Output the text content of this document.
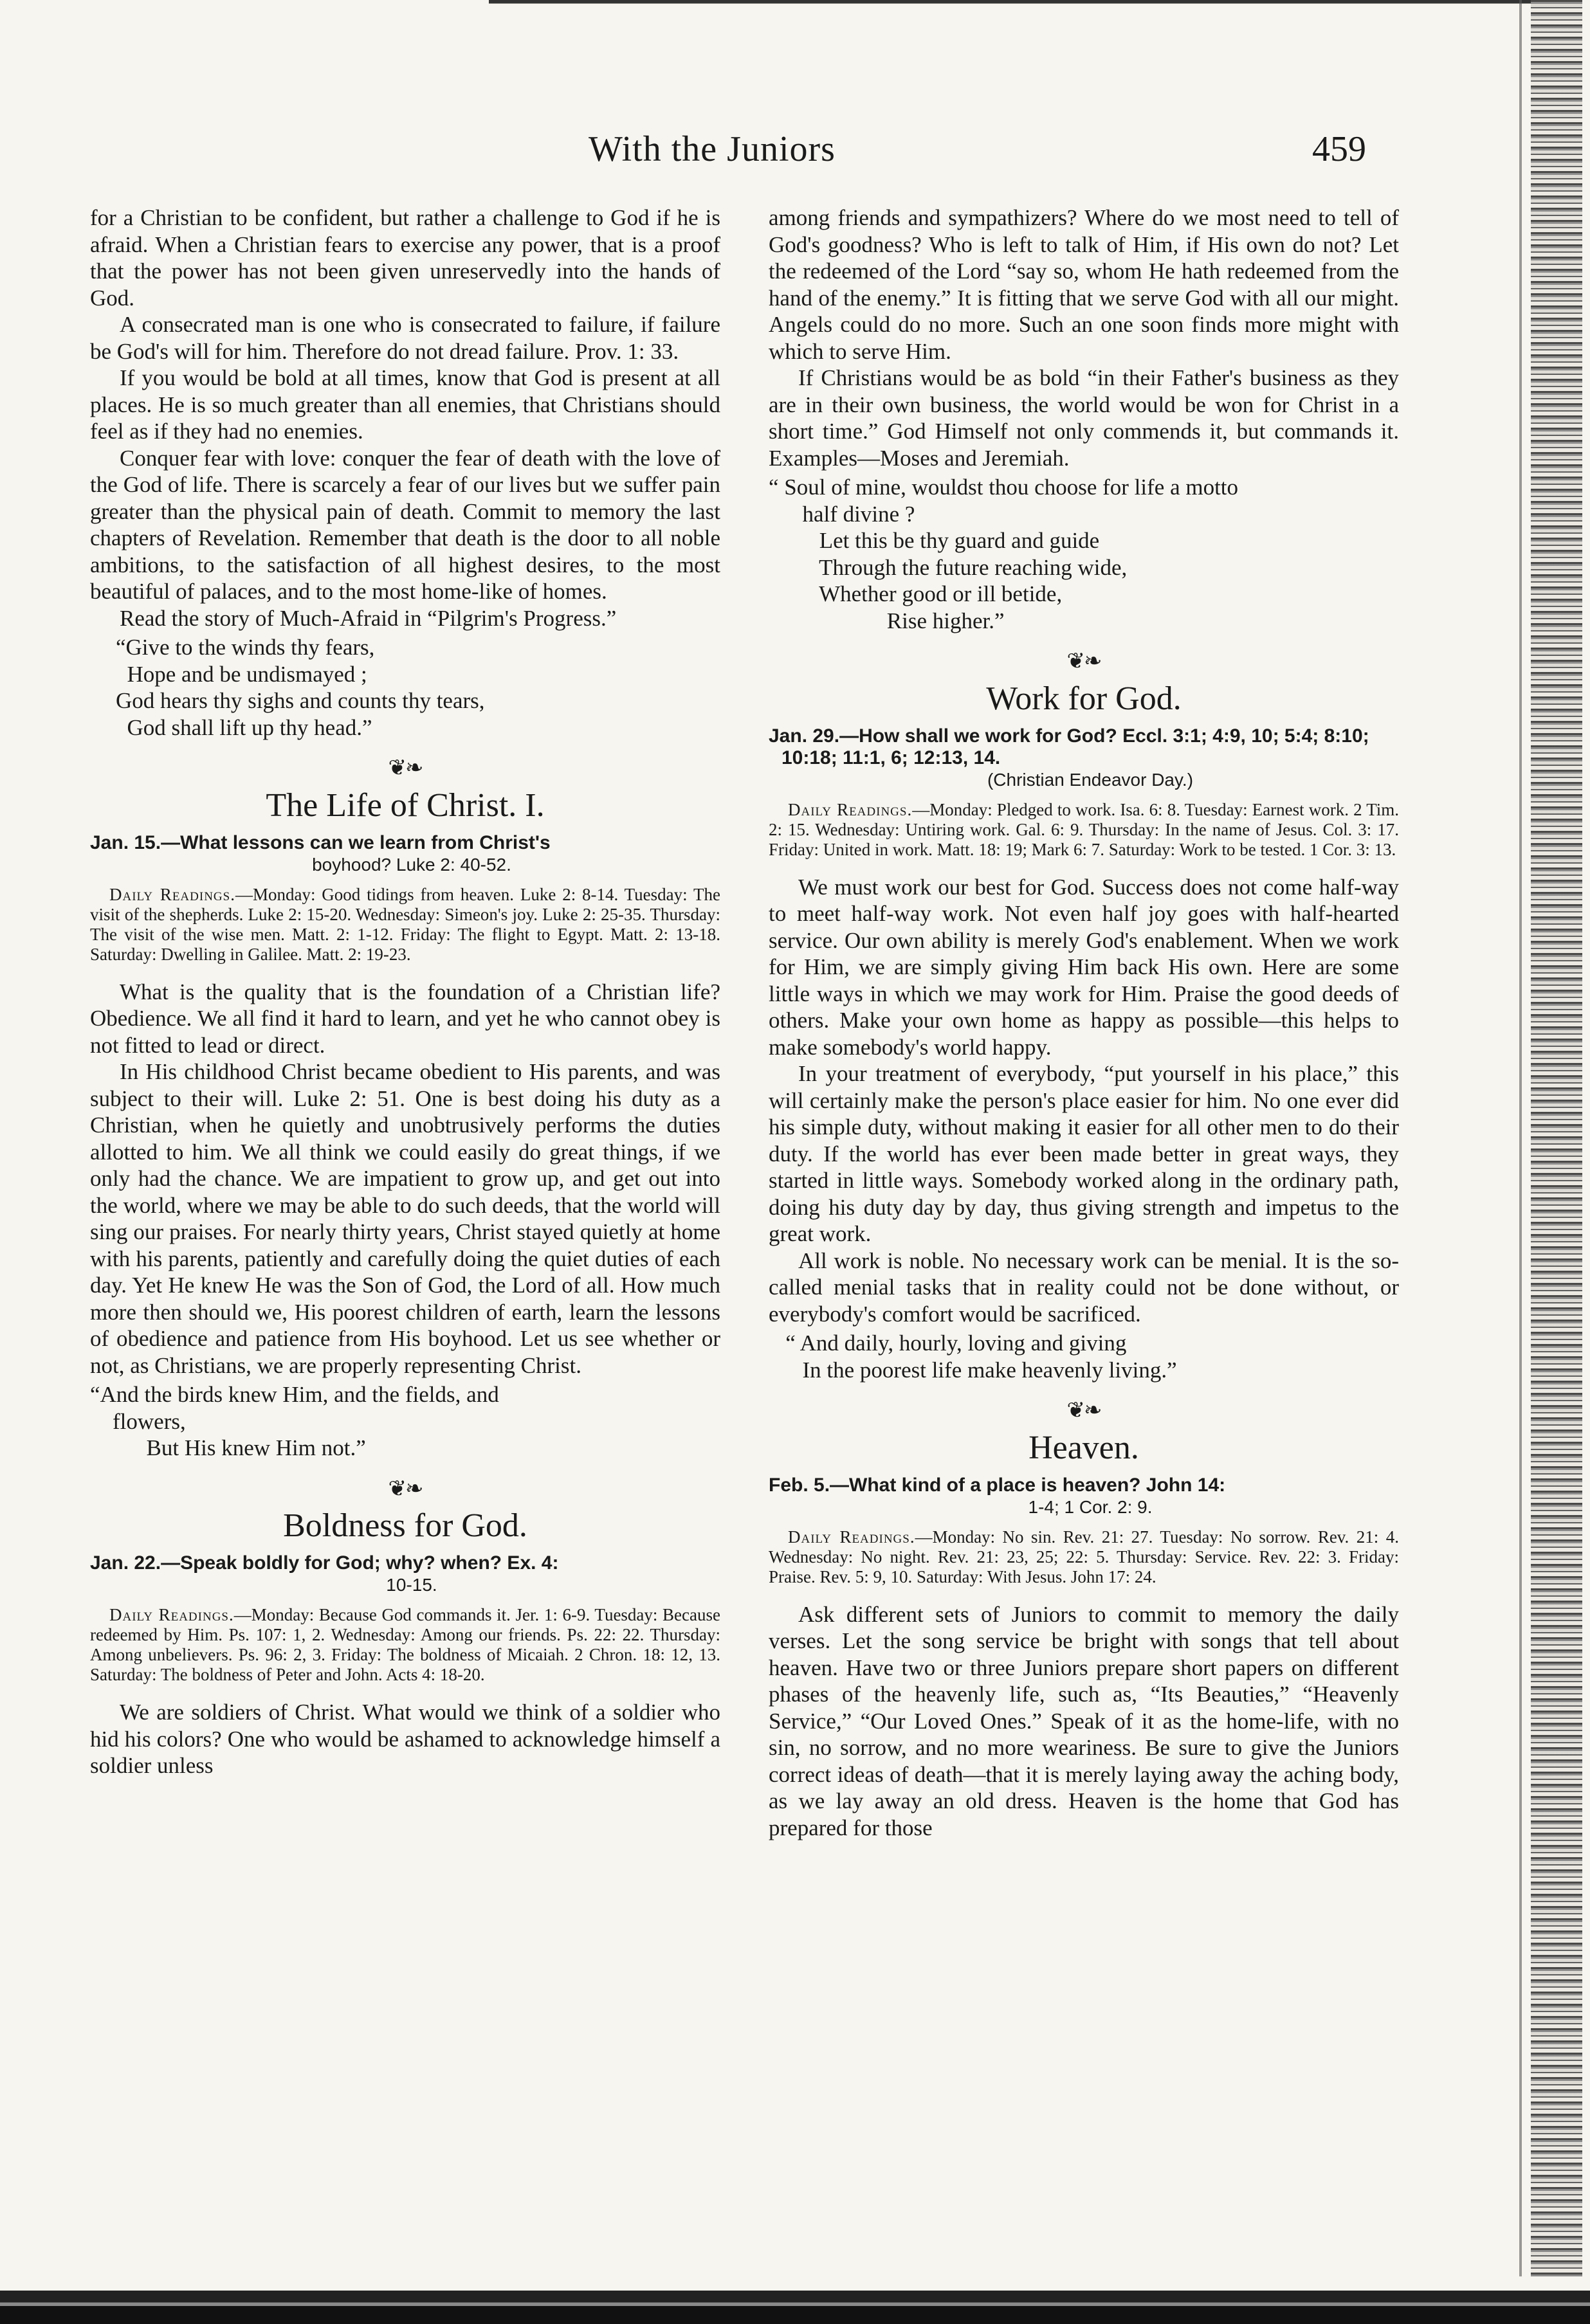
With the Juniors	459

for a Christian to be confident, but rather a challenge to God if he is afraid. When a Christian fears to exercise any power, that is a proof that the power has not been given unreservedly into the hands of God.

A consecrated man is one who is consecrated to failure, if failure be God's will for him. Therefore do not dread failure. Prov. 1: 33.

If you would be bold at all times, know that God is present at all places. He is so much greater than all enemies, that Christians should feel as if they had no enemies.

Conquer fear with love: conquer the fear of death with the love of the God of life. There is scarcely a fear of our lives but we suffer pain greater than the physical pain of death. Commit to memory the last chapters of Revelation. Remember that death is the door to all noble ambitions, to the satisfaction of all highest desires, to the most beautiful of palaces, and to the most home-like of homes.

Read the story of Much-Afraid in “Pilgrim's Progress.”

“Give to the winds thy fears,
Hope and be undismayed ;
God hears thy sighs and counts thy tears,
God shall lift up thy head.”
❦❧
The Life of Christ. I.
Jan. 15.—What lessons can we learn from Christ's
boyhood? Luke 2: 40-52.
Daily Readings.—Monday: Good tidings from heaven. Luke 2: 8-14. Tuesday: The visit of the shepherds. Luke 2: 15-20. Wednesday: Simeon's joy. Luke 2: 25-35. Thursday: The visit of the wise men. Matt. 2: 1-12. Friday: The flight to Egypt. Matt. 2: 13-18. Saturday: Dwelling in Galilee. Matt. 2: 19-23.

What is the quality that is the foundation of a Christian life? Obedience. We all find it hard to learn, and yet he who cannot obey is not fitted to lead or direct.

In His childhood Christ became obedient to His parents, and was subject to their will. Luke 2: 51. One is best doing his duty as a Christian, when he quietly and unobtrusively performs the duties allotted to him. We all think we could easily do great things, if we only had the chance. We are impatient to grow up, and get out into the world, where we may be able to do such deeds, that the world will sing our praises. For nearly thirty years, Christ stayed quietly at home with his parents, patiently and carefully doing the quiet duties of each day. Yet He knew He was the Son of God, the Lord of all. How much more then should we, His poorest children of earth, learn the lessons of obedience and patience from His boyhood. Let us see whether or not, as Christians, we are properly representing Christ.

“And the birds knew Him, and the fields, and
flowers,
But His knew Him not.”
❦❧
Boldness for God.
Jan. 22.—Speak boldly for God; why? when? Ex. 4:
10-15.
Daily Readings.—Monday: Because God commands it. Jer. 1: 6-9. Tuesday: Because redeemed by Him. Ps. 107: 1, 2. Wednesday: Among our friends. Ps. 22: 22. Thursday: Among unbelievers. Ps. 96: 2, 3. Friday: The boldness of Micaiah. 2 Chron. 18: 12, 13. Saturday: The boldness of Peter and John. Acts 4: 18-20.

We are soldiers of Christ. What would we think of a soldier who hid his colors? One who would be ashamed to acknowledge himself a soldier unless

among friends and sympathizers? Where do we most need to tell of God's goodness? Who is left to talk of Him, if His own do not? Let the redeemed of the Lord “say so, whom He hath redeemed from the hand of the enemy.” It is fitting that we serve God with all our might. Angels could do no more. Such an one soon finds more might with which to serve Him.

If Christians would be as bold “in their Father's business as they are in their own business, the world would be won for Christ in a short time.” God Himself not only commends it, but commands it. Examples—Moses and Jeremiah.

“ Soul of mine, wouldst thou choose for life a motto
half divine ?
Let this be thy guard and guide
Through the future reaching wide,
Whether good or ill betide,
Rise higher.”
❦❧
Work for God.
Jan. 29.—How shall we work for God? Eccl. 3:1; 4:9, 10; 5:4; 8:10; 10:18; 11:1, 6; 12:13, 14.
(Christian Endeavor Day.)
Daily Readings.—Monday: Pledged to work. Isa. 6: 8. Tuesday: Earnest work. 2 Tim. 2: 15. Wednesday: Untiring work. Gal. 6: 9. Thursday: In the name of Jesus. Col. 3: 17. Friday: United in work. Matt. 18: 19; Mark 6: 7. Saturday: Work to be tested. 1 Cor. 3: 13.

We must work our best for God. Success does not come half-way to meet half-way work. Not even half joy goes with half-hearted service. Our own ability is merely God's enablement. When we work for Him, we are simply giving Him back His own. Here are some little ways in which we may work for Him. Praise the good deeds of others. Make your own home as happy as possible—this helps to make somebody's world happy.

In your treatment of everybody, “put yourself in his place,” this will certainly make the person's place easier for him. No one ever did his simple duty, without making it easier for all other men to do their duty. If the world has ever been made better in great ways, they started in little ways. Somebody worked along in the ordinary path, doing his duty day by day, thus giving strength and impetus to the great work.

All work is noble. No necessary work can be menial. It is the so-called menial tasks that in reality could not be done without, or everybody's comfort would be sacrificed.

“ And daily, hourly, loving and giving
In the poorest life make heavenly living.”
❦❧
Heaven.
Feb. 5.—What kind of a place is heaven? John 14:
1-4; 1 Cor. 2: 9.
Daily Readings.—Monday: No sin. Rev. 21: 27. Tuesday: No sorrow. Rev. 21: 4. Wednesday: No night. Rev. 21: 23, 25; 22: 5. Thursday: Service. Rev. 22: 3. Friday: Praise. Rev. 5: 9, 10. Saturday: With Jesus. John 17: 24.

Ask different sets of Juniors to commit to memory the daily verses. Let the song service be bright with songs that tell about heaven. Have two or three Juniors prepare short papers on different phases of the heavenly life, such as, “Its Beauties,” “Heavenly Service,” “Our Loved Ones.” Speak of it as the home-life, with no sin, no sorrow, and no more weariness. Be sure to give the Juniors correct ideas of death—that it is merely laying away the aching body, as we lay away an old dress. Heaven is the home that God has prepared for those
